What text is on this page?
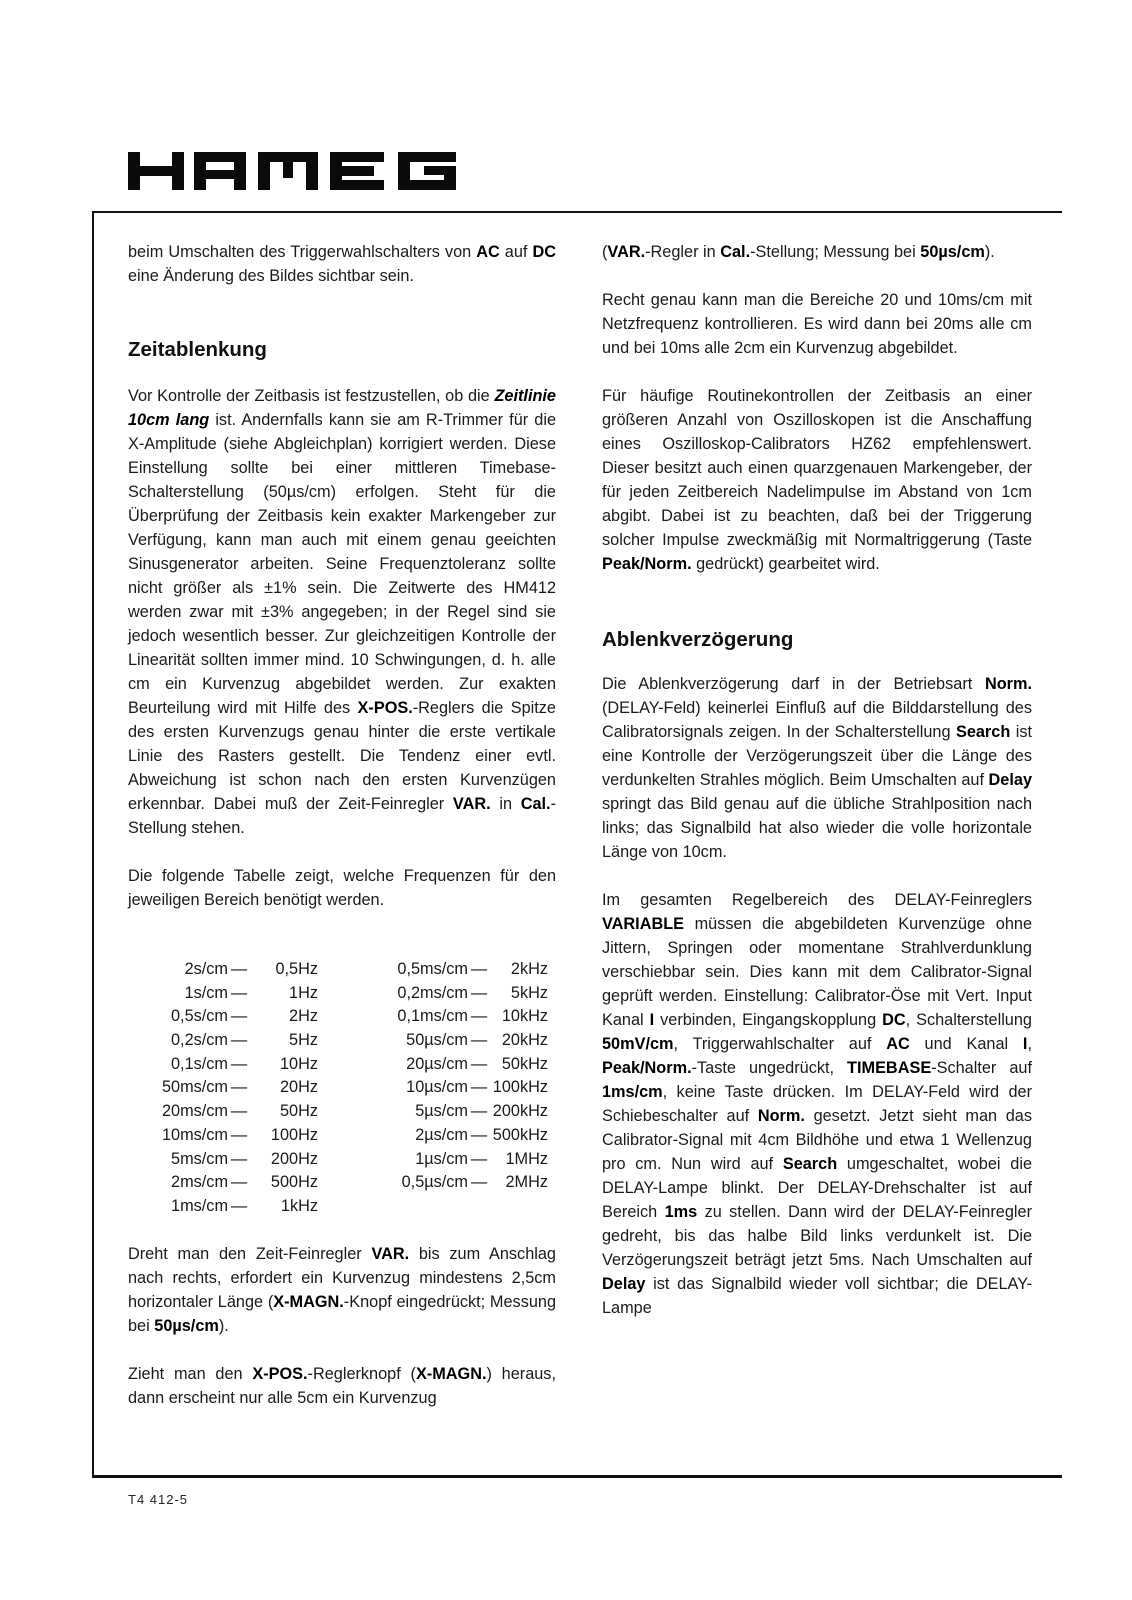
beim Umschalten des Triggerwahlschalters von AC auf DC eine Änderung des Bildes sichtbar sein.

Zeitablenkung

Vor Kontrolle der Zeitbasis ist festzustellen, ob die Zeitlinie 10cm lang ist. Andernfalls kann sie am R-Trimmer für die X-Amplitude (siehe Abgleichplan) korrigiert werden. Diese Einstellung sollte bei einer mittleren Timebase-Schalterstellung (50µs/cm) erfolgen. Steht für die Überprüfung der Zeitbasis kein exakter Markengeber zur Verfügung, kann man auch mit einem genau geeichten Sinusgenerator arbeiten. Seine Frequenztoleranz sollte nicht größer als ±1% sein. Die Zeitwerte des HM412 werden zwar mit ±3% angegeben; in der Regel sind sie jedoch wesentlich besser. Zur gleichzeitigen Kontrolle der Linearität sollten immer mind. 10 Schwingungen, d. h. alle cm ein Kurvenzug abgebildet werden. Zur exakten Beurteilung wird mit Hilfe des X-POS.-Reglers die Spitze des ersten Kurvenzugs genau hinter die erste vertikale Linie des Rasters gestellt. Die Tendenz einer evtl. Abweichung ist schon nach den ersten Kurvenzügen erkennbar. Dabei muß der Zeit-Feinregler VAR. in Cal.-Stellung stehen.

Die folgende Tabelle zeigt, welche Frequenzen für den jeweiligen Bereich benötigt werden.

2s/cm —	0,5Hz	0,5ms/cm —	2kHz
1s/cm —	1Hz	0,2ms/cm —	5kHz
0,5s/cm —	2Hz	0,1ms/cm — 10kHz
0,2s/cm —	5Hz	50µs/cm — 20kHz
0,1s/cm —	10Hz	20µs/cm — 50kHz
50ms/cm —	20Hz	10µs/cm — 100kHz
20ms/cm —	50Hz	5µs/cm — 200kHz
10ms/cm —	100Hz	2µs/cm — 500kHz
5ms/cm —	200Hz	1µs/cm —	1MHz
2ms/cm —	500Hz	0,5µs/cm —	2MHz
1ms/cm —	1kHz

Dreht man den Zeit-Feinregler VAR. bis zum Anschlag nach rechts, erfordert ein Kurvenzug mindestens 2,5cm horizontaler Länge (X-MAGN.-Knopf eingedrückt; Messung bei 50µs/cm).

Zieht man den X-POS.-Reglerknopf (X-MAGN.) heraus, dann erscheint nur alle 5cm ein Kurvenzug

(VAR.-Regler in Cal.-Stellung; Messung bei 50µs/cm).

Recht genau kann man die Bereiche 20 und 10ms/cm mit Netzfrequenz kontrollieren. Es wird dann bei 20ms alle cm und bei 10ms alle 2cm ein Kurvenzug abgebildet.

Für häufige Routinekontrollen der Zeitbasis an einer größeren Anzahl von Oszilloskopen ist die Anschaffung eines Oszilloskop-Calibrators HZ62 empfehlenswert. Dieser besitzt auch einen quarzgenauen Markengeber, der für jeden Zeitbereich Nadelimpulse im Abstand von 1cm abgibt. Dabei ist zu beachten, daß bei der Triggerung solcher Impulse zweckmäßig mit Normaltriggerung (Taste Peak/Norm. gedrückt) gearbeitet wird.

Ablenkverzögerung

Die Ablenkverzögerung darf in der Betriebsart Norm. (DELAY-Feld) keinerlei Einfluß auf die Bilddarstellung des Calibratorsignals zeigen. In der Schalterstellung Search ist eine Kontrolle der Verzögerungszeit über die Länge des verdunkelten Strahles möglich. Beim Umschalten auf Delay springt das Bild genau auf die übliche Strahlposition nach links; das Signalbild hat also wieder die volle horizontale Länge von 10cm.

Im gesamten Regelbereich des DELAY-Feinreglers VARIABLE müssen die abgebildeten Kurvenzüge ohne Jittern, Springen oder momentane Strahlverdunklung verschiebbar sein. Dies kann mit dem Calibrator-Signal geprüft werden. Einstellung: Calibrator-Öse mit Vert. Input Kanal I verbinden, Eingangskopplung DC, Schalterstellung 50mV/cm, Triggerwahlschalter auf AC und Kanal I, Peak/Norm.-Taste ungedrückt, TIMEBASE-Schalter auf 1ms/cm, keine Taste drücken. Im DELAY-Feld wird der Schiebeschalter auf Norm. gesetzt. Jetzt sieht man das Calibrator-Signal mit 4cm Bildhöhe und etwa 1 Wellenzug pro cm. Nun wird auf Search umgeschaltet, wobei die DELAY-Lampe blinkt. Der DELAY-Drehschalter ist auf Bereich 1ms zu stellen. Dann wird der DELAY-Feinregler gedreht, bis das halbe Bild links verdunkelt ist. Die Verzögerungszeit beträgt jetzt 5ms. Nach Umschalten auf Delay ist das Signalbild wieder voll sichtbar; die DELAY-Lampe

T4 412-5
